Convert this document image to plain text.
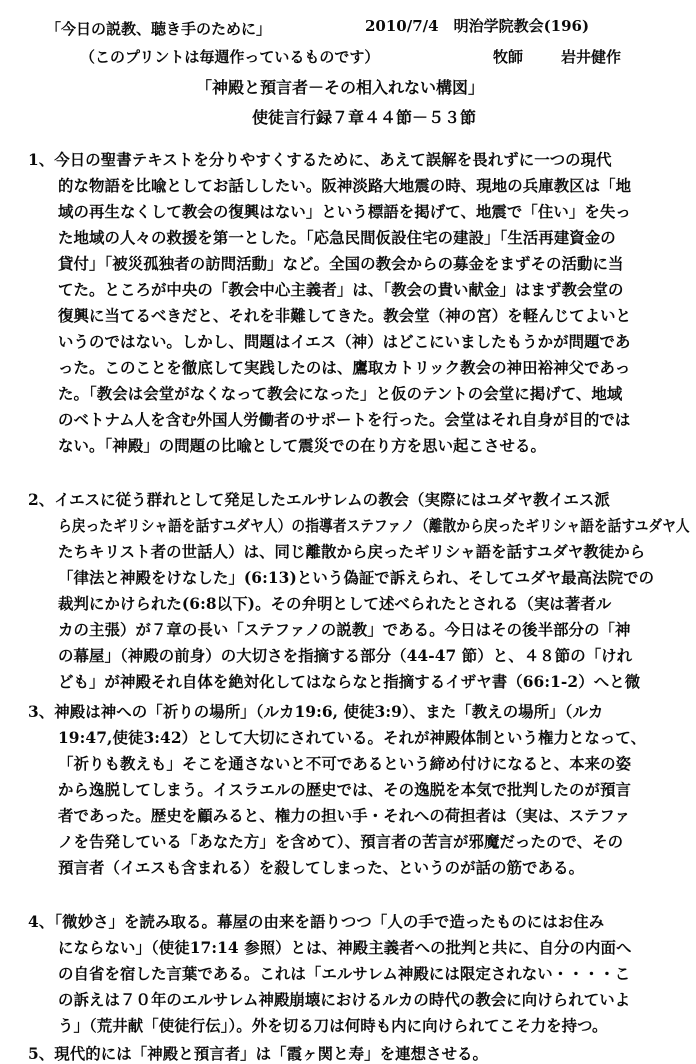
「今日の説教、聴き手のために」	2010/7/4　明治学院教会(196)
（このプリントは毎週作っているものです）	牧師	岩井健作
「神殿と預言者－その相入れない構図」
使徒言行録７章４４節－５３節
1、今日の聖書テキストを分りやすくするために、あえて誤解を畏れずに一つの現代
的な物語を比喩としてお話ししたい。阪神淡路大地震の時、現地の兵庫教区は「地
域の再生なくして教会の復興はない」という標語を掲げて、地震で「住い」を失っ
た地域の人々の救援を第一とした。「応急民間仮設住宅の建設」「生活再建資金の
貸付」「被災孤独者の訪問活動」など。全国の教会からの募金をまずその活動に当
てた。ところが中央の「教会中心主義者」は、「教会の貴い献金」はまず教会堂の
復興に当てるべきだと、それを非難してきた。教会堂（神の宮）を軽んじてよいと
いうのではない。しかし、問題はイエス（神）はどこにいましたもうかが問題であ
った。このことを徹底して実践したのは、鷹取カトリック教会の神田裕神父であっ
た。「教会は会堂がなくなって教会になった」と仮のテントの会堂に掲げて、地域
のベトナム人を含む外国人労働者のサポートを行った。会堂はそれ自身が目的では
ない。「神殿」の問題の比喩として震災での在り方を思い起こさせる。
2、イエスに従う群れとして発足したエルサレムの教会（実際にはユダヤ教イエス派
ら戻ったギリシャ語を話すユダヤ人）の指導者ステファノ（離散から戻ったギリシャ語を話すユダヤ人
たちキリスト者の世話人）は、同じ離散から戻ったギリシャ語を話すユダヤ教徒から
「律法と神殿をけなした」(6:13)という偽証で訴えられ、そしてユダヤ最高法院での
裁判にかけられた(6:8以下)。その弁明として述べられたとされる（実は著者ル
カの主張）が７章の長い「ステファノの説教」である。今日はその後半部分の「神
の幕屋」（神殿の前身）の大切さを指摘する部分（44-47 節）と、４８節の「けれ
ども」が神殿それ自体を絶対化してはならなと指摘するイザヤ書（66:1-2）へと微
3、神殿は神への「祈りの場所」（ルカ19:6, 使徒3:9）、また「教えの場所」（ルカ
19:47,使徒3:42）として大切にされている。それが神殿体制という権力となって、
「祈りも教えも」そこを通さないと不可であるという締め付けになると、本来の姿
から逸脱してしまう。イスラエルの歴史では、その逸脱を本気で批判したのが預言
者であった。歴史を顧みると、権力の担い手・それへの荷担者は（実は、ステファ
ノを告発している「あなた方」を含めて）、預言者の苦言が邪魔だったので、その
預言者（イエスも含まれる）を殺してしまった、というのが話の筋である。
4、「微妙さ」を読み取る。幕屋の由来を語りつつ「人の手で造ったものにはお住み
にならない」（使徒17:14 参照）とは、神殿主義者への批判と共に、自分の内面へ
の自省を宿した言葉である。これは「エルサレム神殿には限定されない・・・・こ
の訴えは７０年のエルサレム神殿崩壊におけるルカの時代の教会に向けられていよ
う」（荒井献「使徒行伝」）。外を切る刀は何時も内に向けられてこそ力を持つ。
5、現代的には「神殿と預言者」は「霞ヶ関と寿」を連想させる。
